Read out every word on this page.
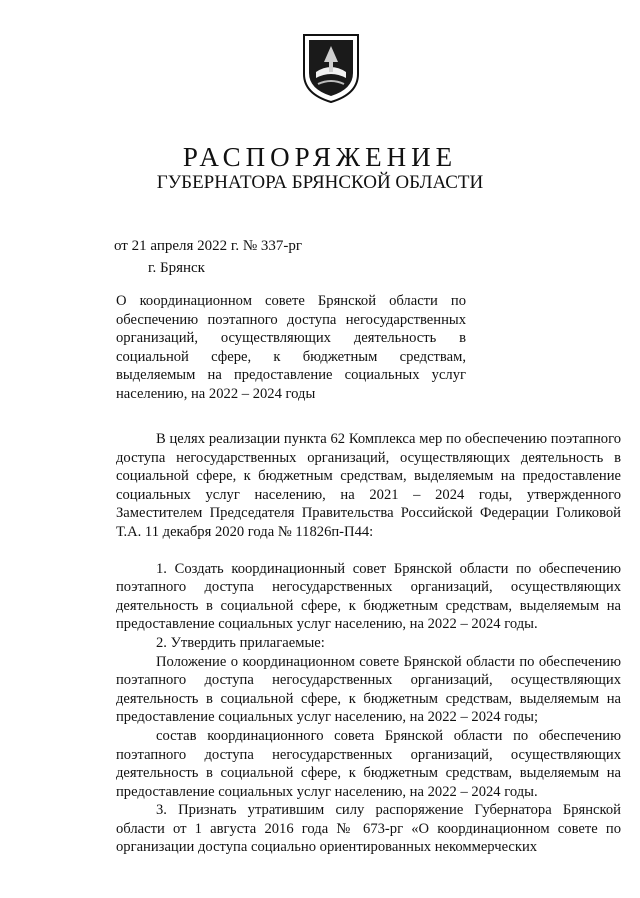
РАСПОРЯЖЕНИЕ
ГУБЕРНАТОРА БРЯНСКОЙ ОБЛАСТИ
от 21 апреля 2022 г. № 337-рг
г. Брянск
О координационном совете Брянской области по обеспечению поэтапного доступа негосударственных организаций, осуществляющих деятельность в социальной сфере, к бюджетным средствам, выделяемым на предоставление социальных услуг населению, на 2022 – 2024 годы

В целях реализации пункта 62 Комплекса мер по обеспечению поэтапного доступа негосударственных организаций, осуществляющих деятельность в социальной сфере, к бюджетным средствам, выделяемым на предоставление социальных услуг населению, на 2021 – 2024 годы, утвержденного Заместителем Председателя Правительства Российской Федерации Голиковой Т.А. 11 декабря 2020 года № 11826п-П44:

1. Создать координационный совет Брянской области по обеспечению поэтапного доступа негосударственных организаций, осуществляющих деятельность в социальной сфере, к бюджетным средствам, выделяемым на предоставление социальных услуг населению, на 2022 – 2024 годы.

2. Утвердить прилагаемые:

Положение о координационном совете Брянской области по обеспечению поэтапного доступа негосударственных организаций, осуществляющих деятельность в социальной сфере, к бюджетным средствам, выделяемым на предоставление социальных услуг населению, на 2022 – 2024 годы;

состав координационного совета Брянской области по обеспечению поэтапного доступа негосударственных организаций, осуществляющих деятельность в социальной сфере, к бюджетным средствам, выделяемым на предоставление социальных услуг населению, на 2022 – 2024 годы.

3. Признать утратившим силу распоряжение Губернатора Брянской области от 1 августа 2016 года № 673-рг «О координационном совете по организации доступа социально ориентированных некоммерческих
